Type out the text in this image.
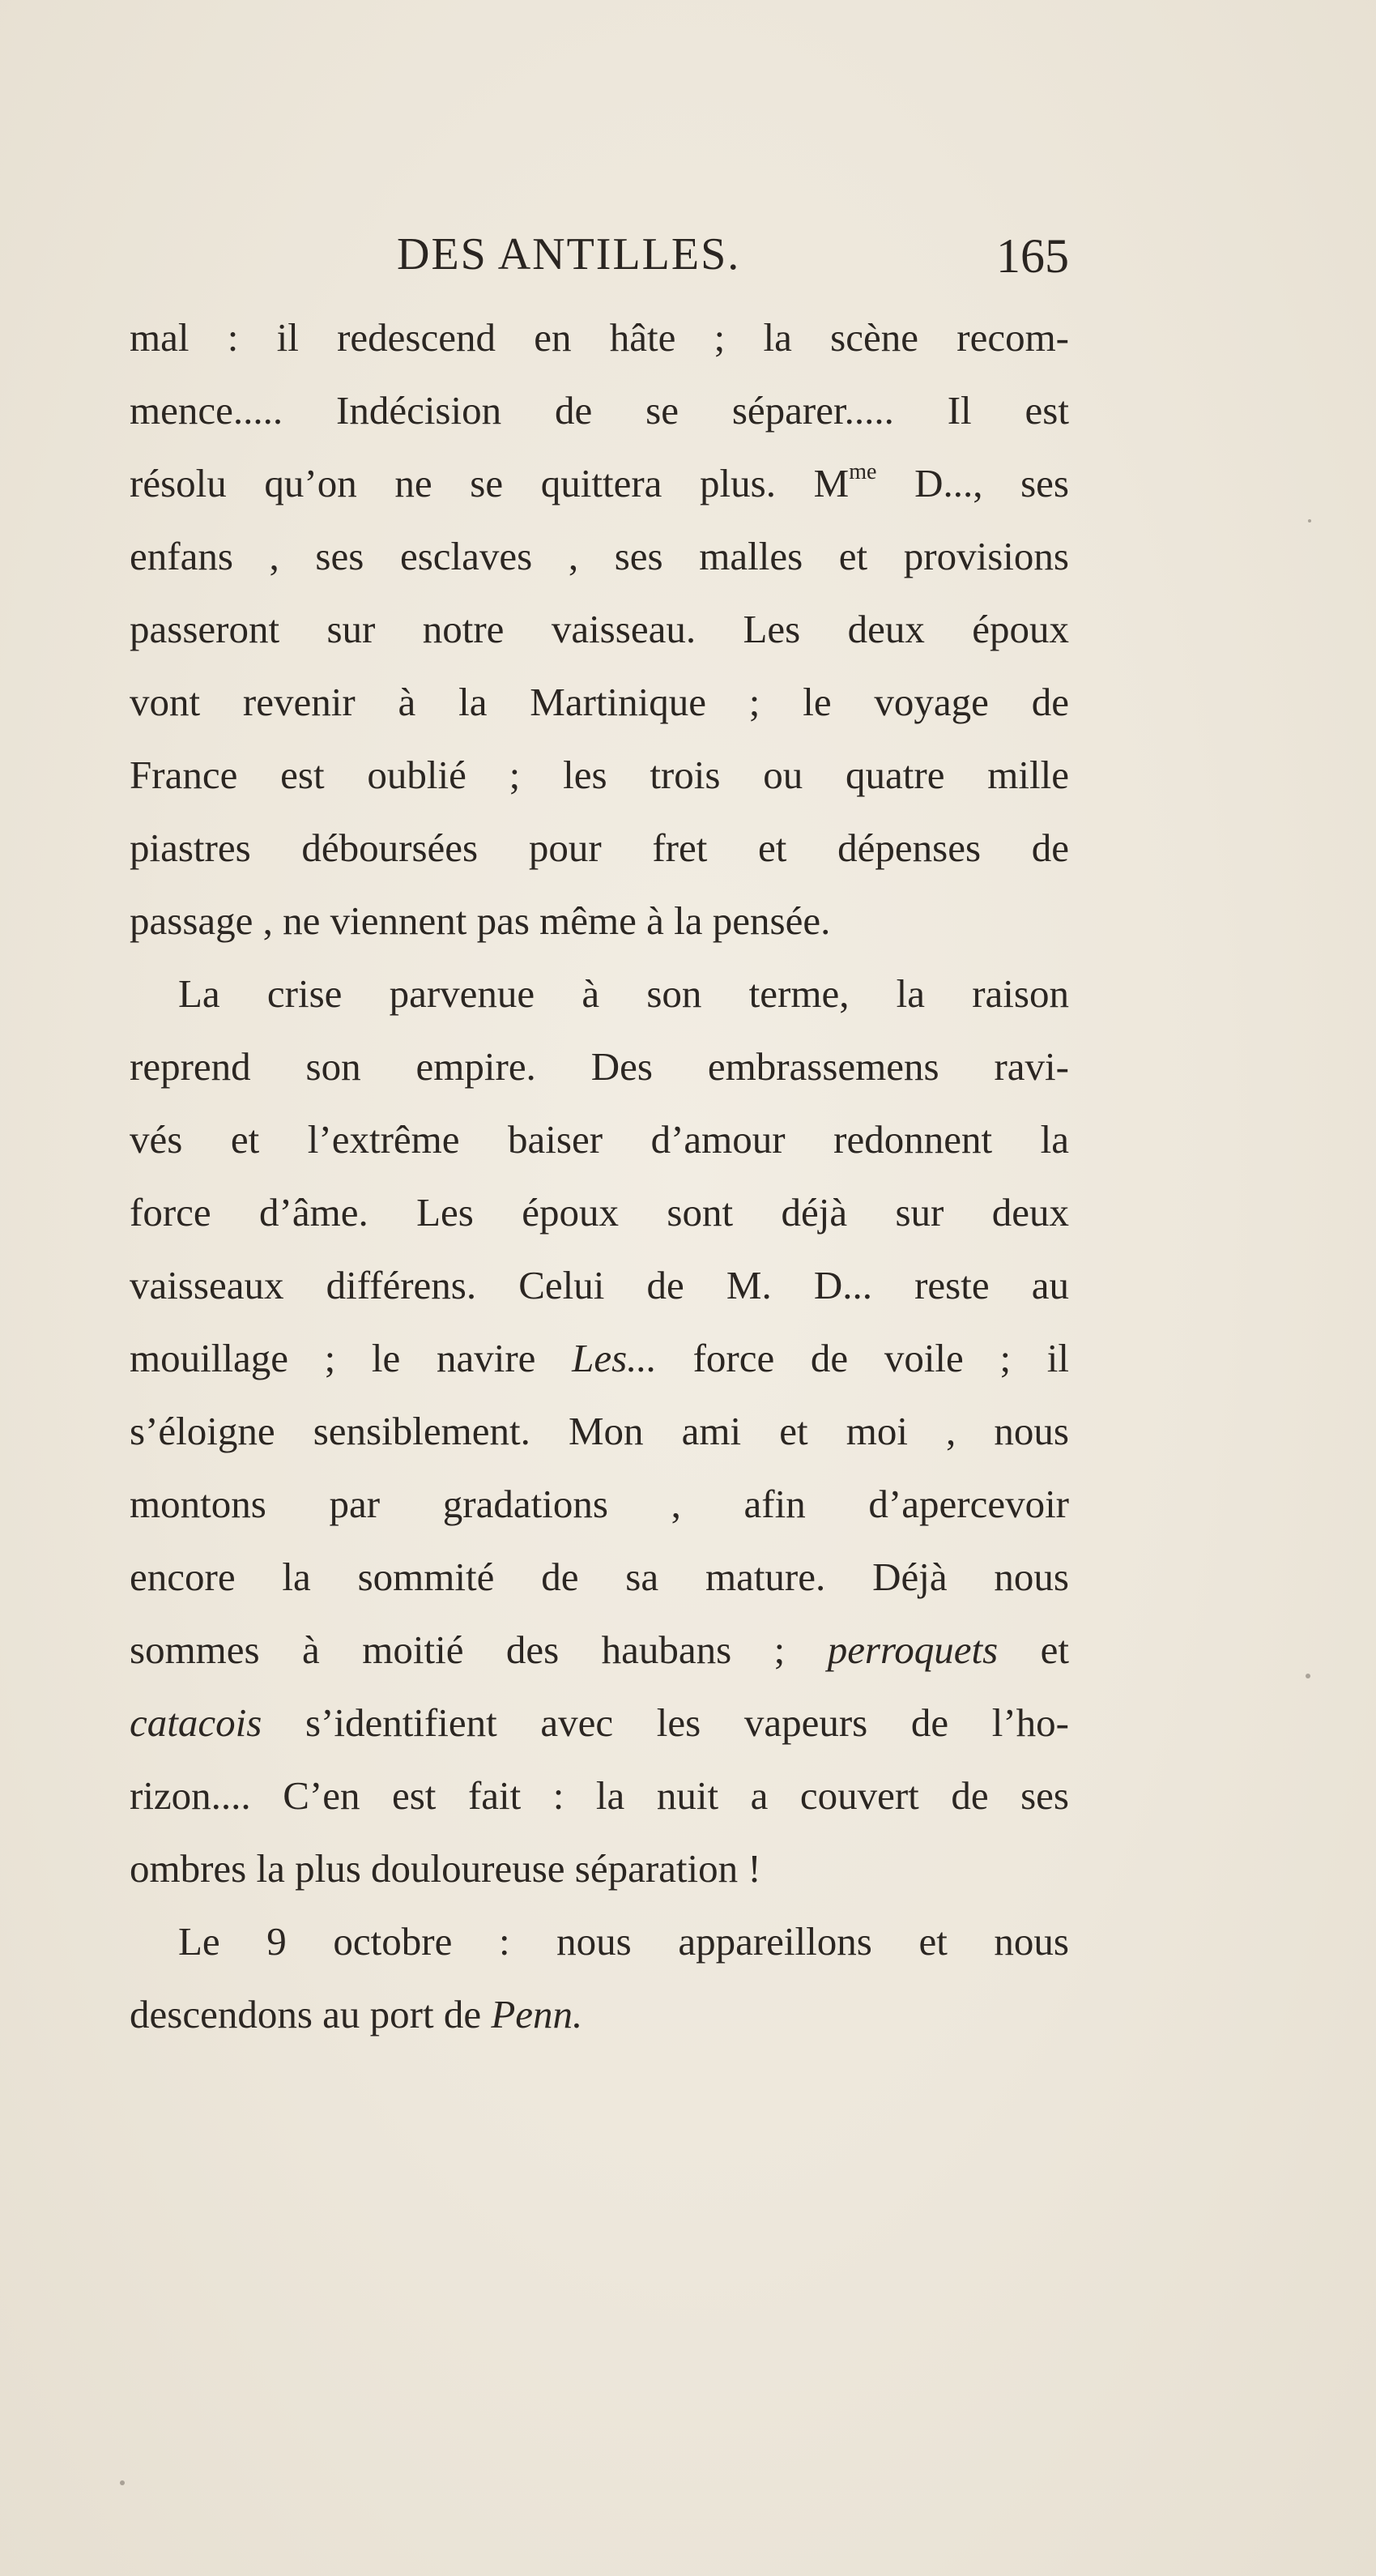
DES ANTILLES.	165
mal : il redescend en hâte ; la scène recom-
mence..... Indécision de se séparer..... Il est
résolu qu’on ne se quittera plus. $M^{me}$ D..., ses
enfans , ses esclaves , ses malles et provisions
passeront sur notre vaisseau. Les deux époux
vont revenir à la Martinique ; le voyage de
France est oublié ; les trois ou quatre mille
piastres déboursées pour fret et dépenses de
passage , ne viennent pas même à la pensée.
La crise parvenue à son terme, la raison
reprend son empire. Des embrassemens ravi-
vés et l’extrême baiser d’amour redonnent la
force d’âme. Les époux sont déjà sur deux
vaisseaux différens. Celui de M. D... reste au
mouillage ; le navire Les... force de voile ; il
s’éloigne sensiblement. Mon ami et moi , nous
montons par gradations , afin d’apercevoir
encore la sommité de sa mature. Déjà nous
sommes à moitié des haubans ; perroquets et
catacois s’identifient avec les vapeurs de l’ho-
rizon.... C’en est fait : la nuit a couvert de ses
ombres la plus douloureuse séparation !
Le 9 octobre : nous appareillons et nous
descendons au port de Penn.
